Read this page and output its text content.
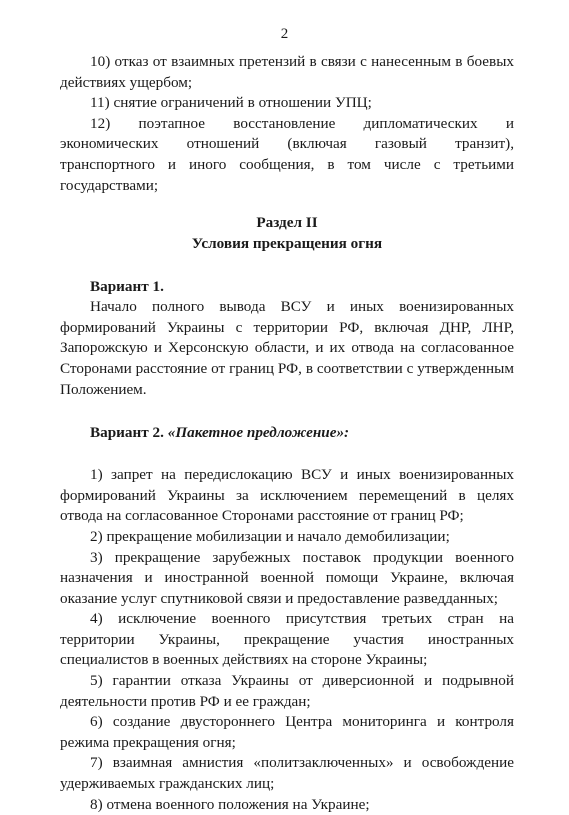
2

10) отказ от взаимных претензий в связи с нанесенным в боевых действиях ущербом;

11) снятие ограничений в отношении УПЦ;

12) поэтапное восстановление дипломатических и экономических отношений (включая газовый транзит), транспортного и иного сообщения, в том числе с третьими государствами;

Раздел II

Условия прекращения огня

Вариант 1.

Начало полного вывода ВСУ и иных военизированных формирований Украины с территории РФ, включая ДНР, ЛНР, Запорожскую и Херсонскую области, и их отвода на согласованное Сторонами расстояние от границ РФ, в соответствии с утвержденным Положением.

Вариант 2. «Пакетное предложение»:

1) запрет на передислокацию ВСУ и иных военизированных формирований Украины за исключением перемещений в целях отвода на согласованное Сторонами расстояние от границ РФ;

2) прекращение мобилизации и начало демобилизации;

3) прекращение зарубежных поставок продукции военного назначения и иностранной военной помощи Украине, включая оказание услуг спутниковой связи и предоставление разведданных;

4) исключение военного присутствия третьих стран на территории Украины, прекращение участия иностранных специалистов в военных действиях на стороне Украины;

5) гарантии отказа Украины от диверсионной и подрывной деятельности против РФ и ее граждан;

6) создание двустороннего Центра мониторинга и контроля режима прекращения огня;

7) взаимная амнистия «политзаключенных» и освобождение удерживаемых гражданских лиц;

8) отмена военного положения на Украине;
